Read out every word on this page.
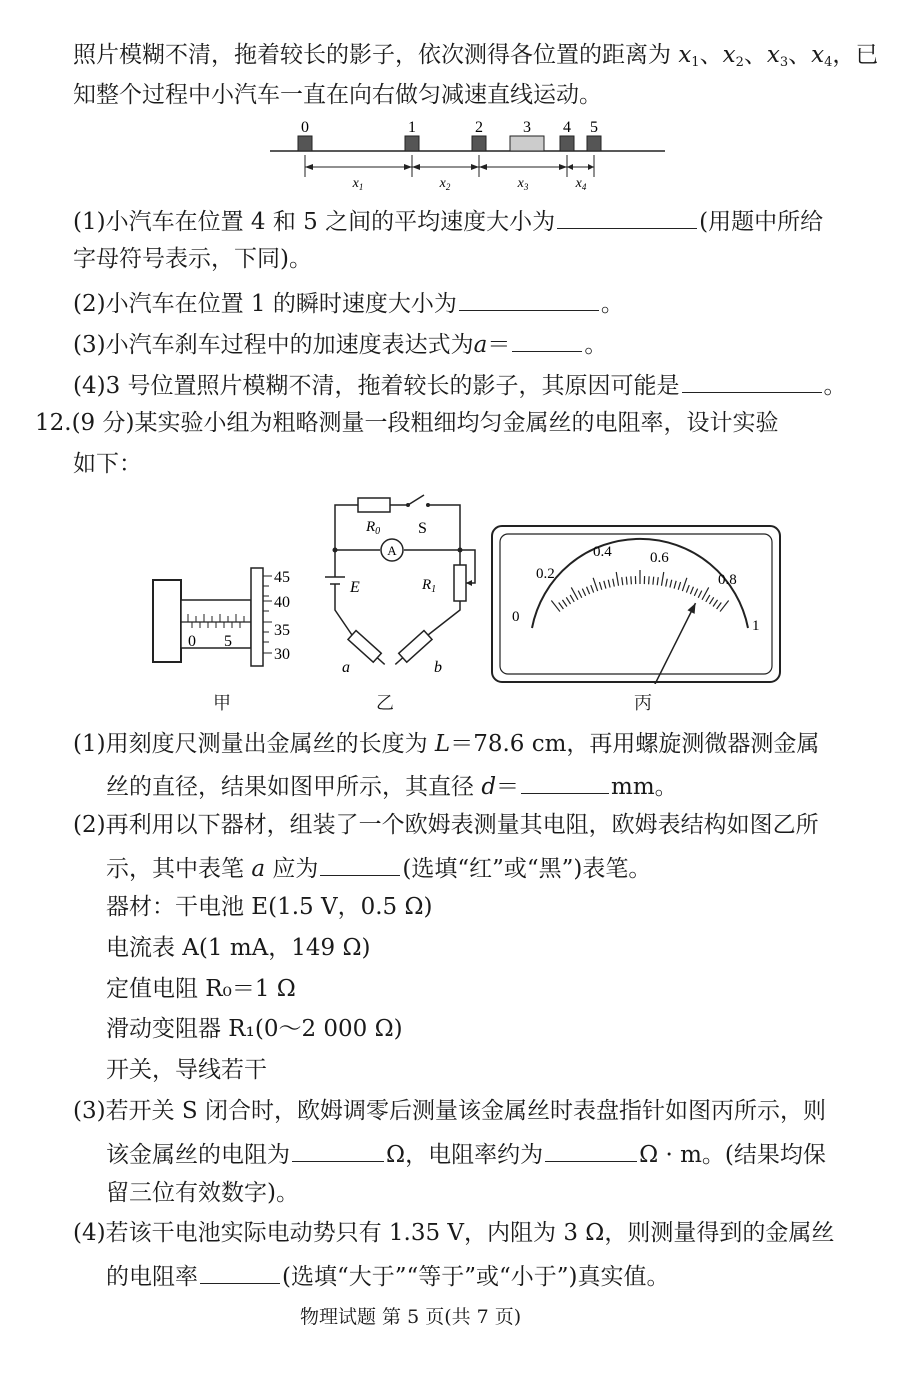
照片模糊不清，拖着较长的影子，依次测得各位置的距离为 $x_1$、$x_2$、$x_3$、$x_4$，已
知整个过程中小汽车一直在向右做匀减速直线运动。
0	1	2	3 4 5
$x_1$	$x_2$	$x_3$	$x_4$
(1)小汽车在位置 4 和 5 之间的平均速度大小为	(用题中所给
字母符号表示，下同)。
(2)小汽车在位置 1 的瞬时速度大小为	。
(3)小汽车刹车过程中的加速度表达式为a＝	。
(4)3 号位置照片模糊不清，拖着较长的影子，其原因可能是	。
12.(9 分)某实验小组为粗略测量一段粗细均匀金属丝的电阻率，设计实验
如下：
45
40
35
30
0 5
甲
$R_0$ S
A
E	$R_1$
a	b
乙
0
0.2
0.4	0.6
0.8
1
丙
(1)用刻度尺测量出金属丝的长度为 L＝78.6 cm，再用螺旋测微器测金属
丝的直径，结果如图甲所示，其直径 d＝	mm。
(2)再利用以下器材，组装了一个欧姆表测量其电阻，欧姆表结构如图乙所
示，其中表笔 a 应为	(选填“红”或“黑”)表笔。
器材：干电池 E(1.5 V，0.5 Ω)
电流表 A(1 mA，149 Ω)
定值电阻 R₀＝1 Ω
滑动变阻器 R₁(0～2 000 Ω)
开关，导线若干
(3)若开关 S 闭合时，欧姆调零后测量该金属丝时表盘指针如图丙所示，则
该金属丝的电阻为	Ω，电阻率约为	Ω · m。(结果均保
留三位有效数字)。
(4)若该干电池实际电动势只有 1.35 V，内阻为 3 Ω，则测量得到的金属丝
的电阻率	(选填“大于”“等于”或“小于”)真实值。
物理试题 第 5 页(共 7 页)
